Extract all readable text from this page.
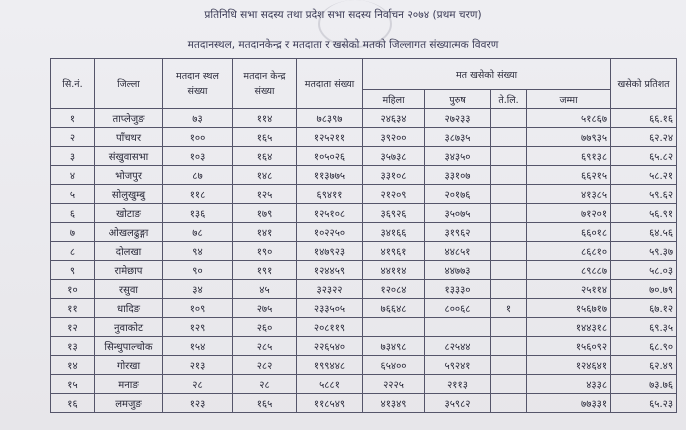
प्रतिनिधि सभा सदस्य तथा प्रदेश सभा सदस्य निर्वाचन २०७४ (प्रथम चरण)
मतदानस्थल, मतदानकेन्द्र र मतदाता र खसेको मतको जिल्लागत संख्यात्मक विवरण
सि.नं.	जिल्ला	मतदान स्थल संख्या	मतदान केन्द्र संख्या	मतदाता संख्या	मत खसेको संख्या				खसेको प्रतिशत
					महिला	पुरुष	ते.लि.	जम्मा	
१	ताप्लेजुङ	७३	११४	७८३९७	२४६३४	२७२३३		५१८६७	६६.१६
२	पाँचथर	१००	१६५	१२५२११	३९२००	३८७३५		७७९३५	६२.२४
३	संखुवासभा	१०३	१६४	१०५०२६	३५७३८	३४३५०		६९१३८	६५.८२
४	भोजपुर	८७	१४८	११३७७५	३३१०८	३३१०७		६६२१५	५८.२१
५	सोलुखुम्बु	११८	१२५	६९४११	२१२०९	२०१७६		४१३८५	५९.६२
६	खोटाङ	१३६	१७९	१२५१०८	३६९२६	३५०७५		७१२०१	५६.९१
७	ओखलढुङ्गा	७८	१४१	१०२२५०	३४१६६	३१९६२		६६०१८	६४.५६
८	दोलखा	९४	१९०	१४७९२३	४१९६१	४४८५१		८६८१०	५९.३७
९	रामेछाप	९०	१९१	१२४४५९	४४११४	४४७७३		८९८८७	५८.०३
१०	रसुवा	३४	४५	३२३२२	१२०८४	१३३३०		२५११४	७०.७९
११	धादिङ	१०९	२७५	२३३५०५	७६६४८	८००६८	१	१५६७१७	६७.१२
१२	नुवाकोट	१२९	२६०	२०८११९				१४४३१८	६९.३५
१३	सिन्धुपाल्चोक	१५४	२८५	२२६५४०	७३४९८	८२५४४		१५६०९२	६८.९०
१४	गोरखा	२१३	२८२	१९९४४८	६५४००	५९२४१		१२४६४१	६२.४९
१५	मनाङ	२८	२८	५८८१	२२२५	२११३		४३३८	७३.७६
१६	लमजुङ	१२३	१६५	११८५४९	४१३४९	३५९८२		७७३३१	६५.२३
